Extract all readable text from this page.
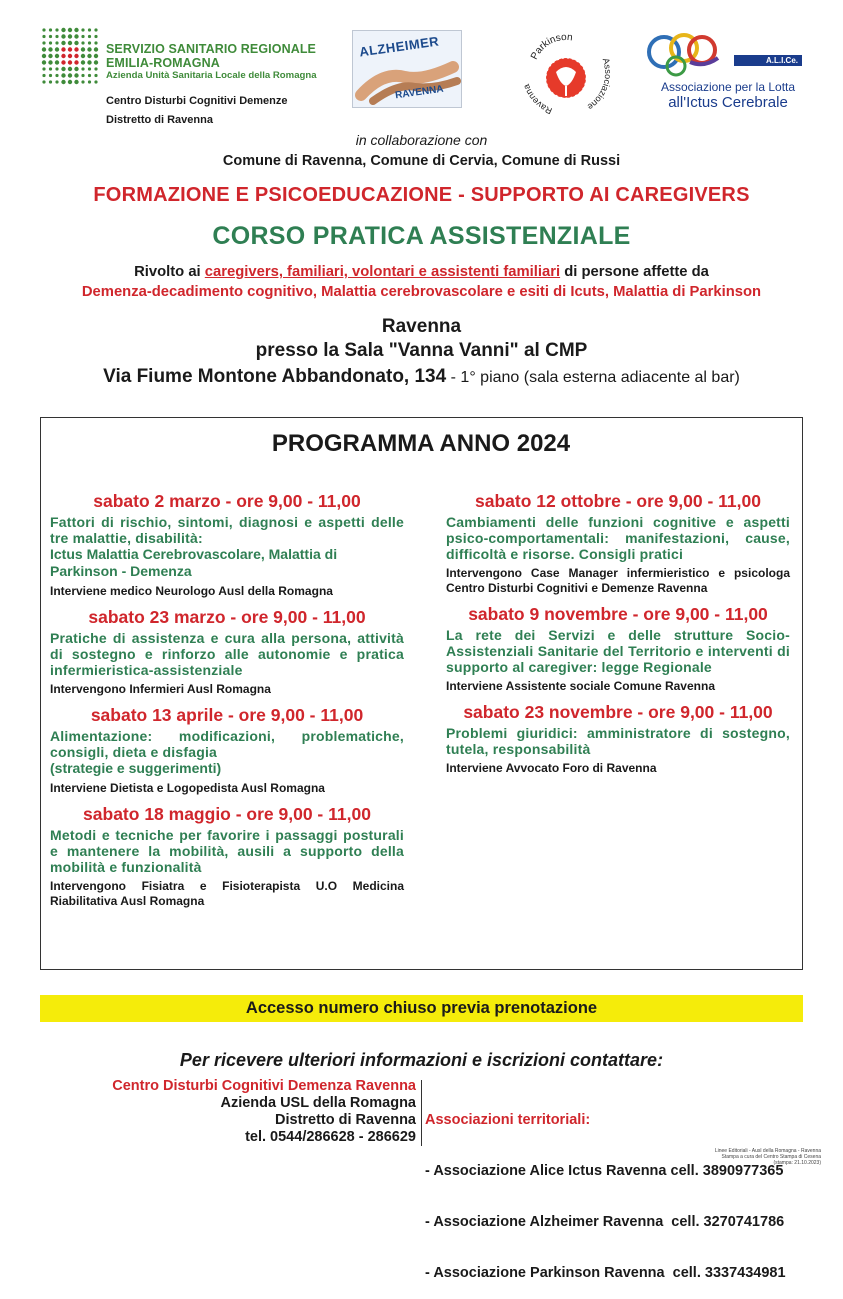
SERVIZIO SANITARIO REGIONALE
EMILIA-ROMAGNA
Azienda Unità Sanitaria Locale della Romagna
Centro Disturbi Cognitivi Demenze
Distretto di Ravenna
ALZHEIMER
RAVENNA
Parkinson
Ravenna
Associazione
A.L.I.Ce.
Associazione per la Lotta
all'Ictus Cerebrale
in collaborazione con
Comune di Ravenna, Comune di Cervia, Comune di Russi
FORMAZIONE E PSICOEDUCAZIONE - SUPPORTO AI CAREGIVERS
CORSO PRATICA ASSISTENZIALE
Rivolto ai caregivers, familiari, volontari e assistenti familiari di persone affette da
Demenza-decadimento cognitivo, Malattia cerebrovascolare e esiti di Icuts, Malattia di Parkinson
Ravenna
presso la Sala "Vanna Vanni" al CMP
Via Fiume Montone Abbandonato, 134 - 1° piano (sala esterna adiacente al bar)
PROGRAMMA ANNO 2024
sabato 2 marzo - ore 9,00 - 11,00
Fattori di rischio, sintomi, diagnosi e aspetti delle tre malattie, disabilità:
Ictus Malattia Cerebrovascolare, Malattia di Parkinson - Demenza
Interviene medico Neurologo Ausl della Romagna
sabato 23 marzo - ore 9,00 - 11,00
Pratiche di assistenza e cura alla persona, attività di sostegno e rinforzo alle autonomie e pratica infermieristica-assistenziale
Intervengono Infermieri Ausl Romagna
sabato 13 aprile - ore 9,00 - 11,00
Alimentazione: modificazioni, problematiche, consigli, dieta e disfagia
(strategie e suggerimenti)
Interviene Dietista e Logopedista Ausl Romagna
sabato 18 maggio - ore 9,00 - 11,00
Metodi e tecniche per favorire i passaggi posturali e mantenere la mobilità, ausili a supporto della mobilità e funzionalità
Intervengono Fisiatra e Fisioterapista U.O Medicina Riabilitativa Ausl Romagna
sabato 12 ottobre - ore 9,00 - 11,00
Cambiamenti delle funzioni cognitive e aspetti psico-comportamentali: manifestazioni, cause, difficoltà e risorse. Consigli pratici
Intervengono Case Manager infermieristico e psicologa Centro Disturbi Cognitivi e Demenze Ravenna
sabato 9 novembre - ore 9,00 - 11,00
La rete dei Servizi e delle strutture Socio-Assistenziali Sanitarie del Territorio e interventi di supporto al caregiver: legge Regionale
Interviene Assistente sociale Comune Ravenna
sabato 23 novembre - ore 9,00 - 11,00
Problemi giuridici: amministratore di sostegno, tutela, responsabilità
Interviene Avvocato Foro di Ravenna
Accesso numero chiuso previa prenotazione
Per ricevere ulteriori informazioni e iscrizioni contattare:
Centro Disturbi Cognitivi Demenza Ravenna
Azienda USL della Romagna
Distretto di Ravenna
tel. 0544/286628 - 286629

Associazioni territoriali:

- Associazione Alice Ictus Ravenna cell. 3890977365

- Associazione Alzheimer Ravenna  cell. 3270741786

- Associazione Parkinson Ravenna  cell. 3337434981

Linee Editoriali - Ausl della Romagna - Ravenna
Stampa a cura del Centro Stampa di Cesena
(stampa: 21.10.2023)
